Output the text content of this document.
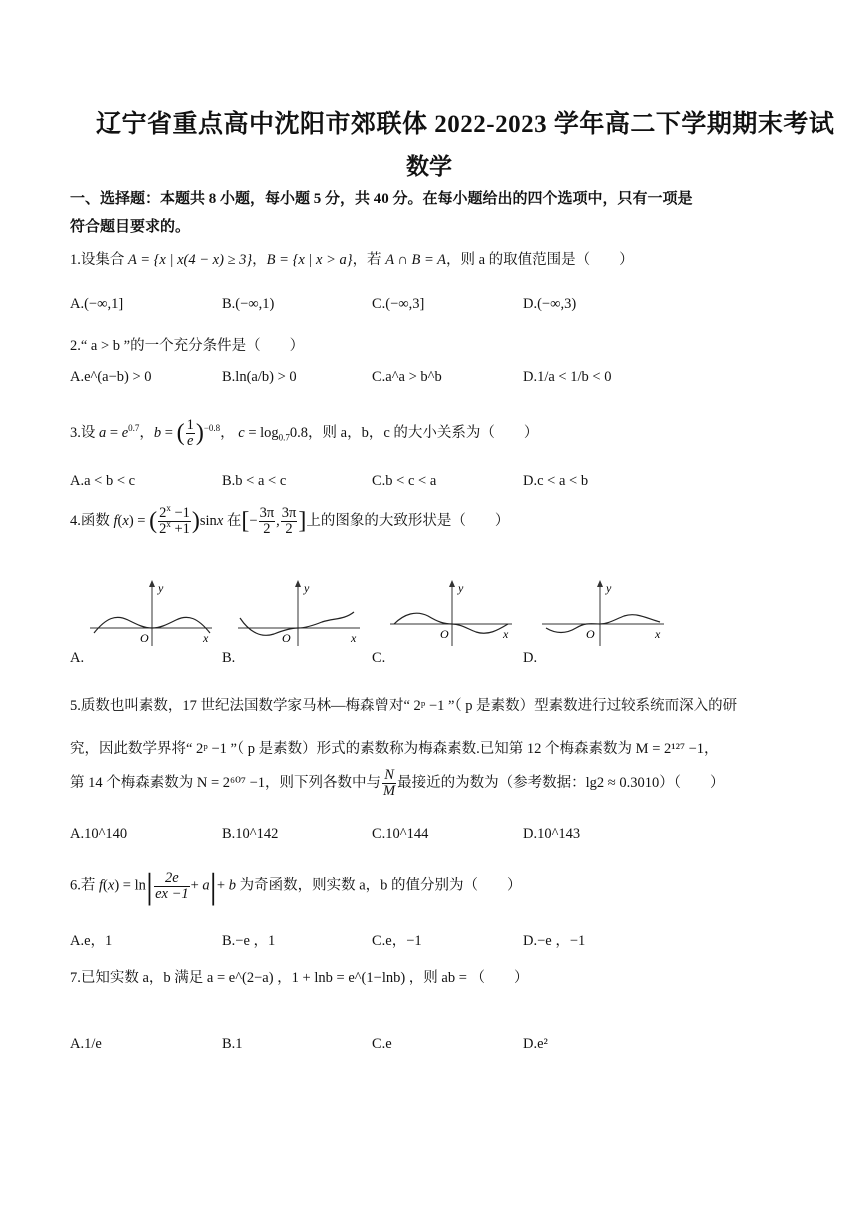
辽宁省重点高中沈阳市郊联体 2022-2023 学年高二下学期期末考试
数学
一、选择题：本题共 8 小题，每小题 5 分，共 40 分。在每小题给出的四个选项中，只有一项是
符合题目要求的。
1.设集合 A = {x | x(4 − x) ≥ 3}，B = {x | x > a}，若 A ∩ B = A，则 a 的取值范围是（　　）
A.(−∞,1]	B.(−∞,1)	C.(−∞,3]	D.(−∞,3)
2.“ a > b ”的一个充分条件是（　　）
A.e^(a−b) > 0	B.ln(a/b) > 0	C.a^a > b^b	D.1/a < 1/b < 0
3.设 $a = e^{0.7}$，b = ( $\frac{1}{e} )^{-0.8}$， $c = \log_{0.7}0.8$，则 a，b，c 的大小关系为（　　）
A.a < b < c	B.b < a < c	C.b < c < a	D.c < a < b
4.函数 f(x) = ( $\frac{2^x -1}{2^x +1} )\sin x$ 在[− $\frac{3\pi}{2}$ , $\frac{3\pi}{2}$ ]上的图象的大致形状是（　　）
y
O	x
A.
y
O	x
B.
y
O	x
C.
y
O	x
D.
5.质数也叫素数，17 世纪法国数学家马林—梅森曾对“ 2ᵖ −1 ”（ p 是素数）型素数进行过较系统而深入的研
究，因此数学界将“ 2ᵖ −1 ”（ p 是素数）形式的素数称为梅森素数.已知第 12 个梅森素数为 M = 2¹²⁷ −1，
第 14 个梅森素数为 N = 2⁶⁰⁷ −1，则下列各数中与 $\frac{N}{M}$ 最接近的为数为（参考数据：lg2 ≈ 0.3010）（　　）
A.10^140	B.10^142	C.10^144	D.10^143
6.若 $f(x) = \ln| \frac{2e}{ex -1} + a|+ b$ 为奇函数，则实数 a，b 的值分别为（　　）
A.e，1	B.−e ，1	C.e，−1	D.−e ，−1
7.已知实数 a，b 满足 a = e^(2−a) ，1 + lnb = e^(1−lnb) ，则 ab = （　　）
A.1/e	B.1	C.e	D.e²
